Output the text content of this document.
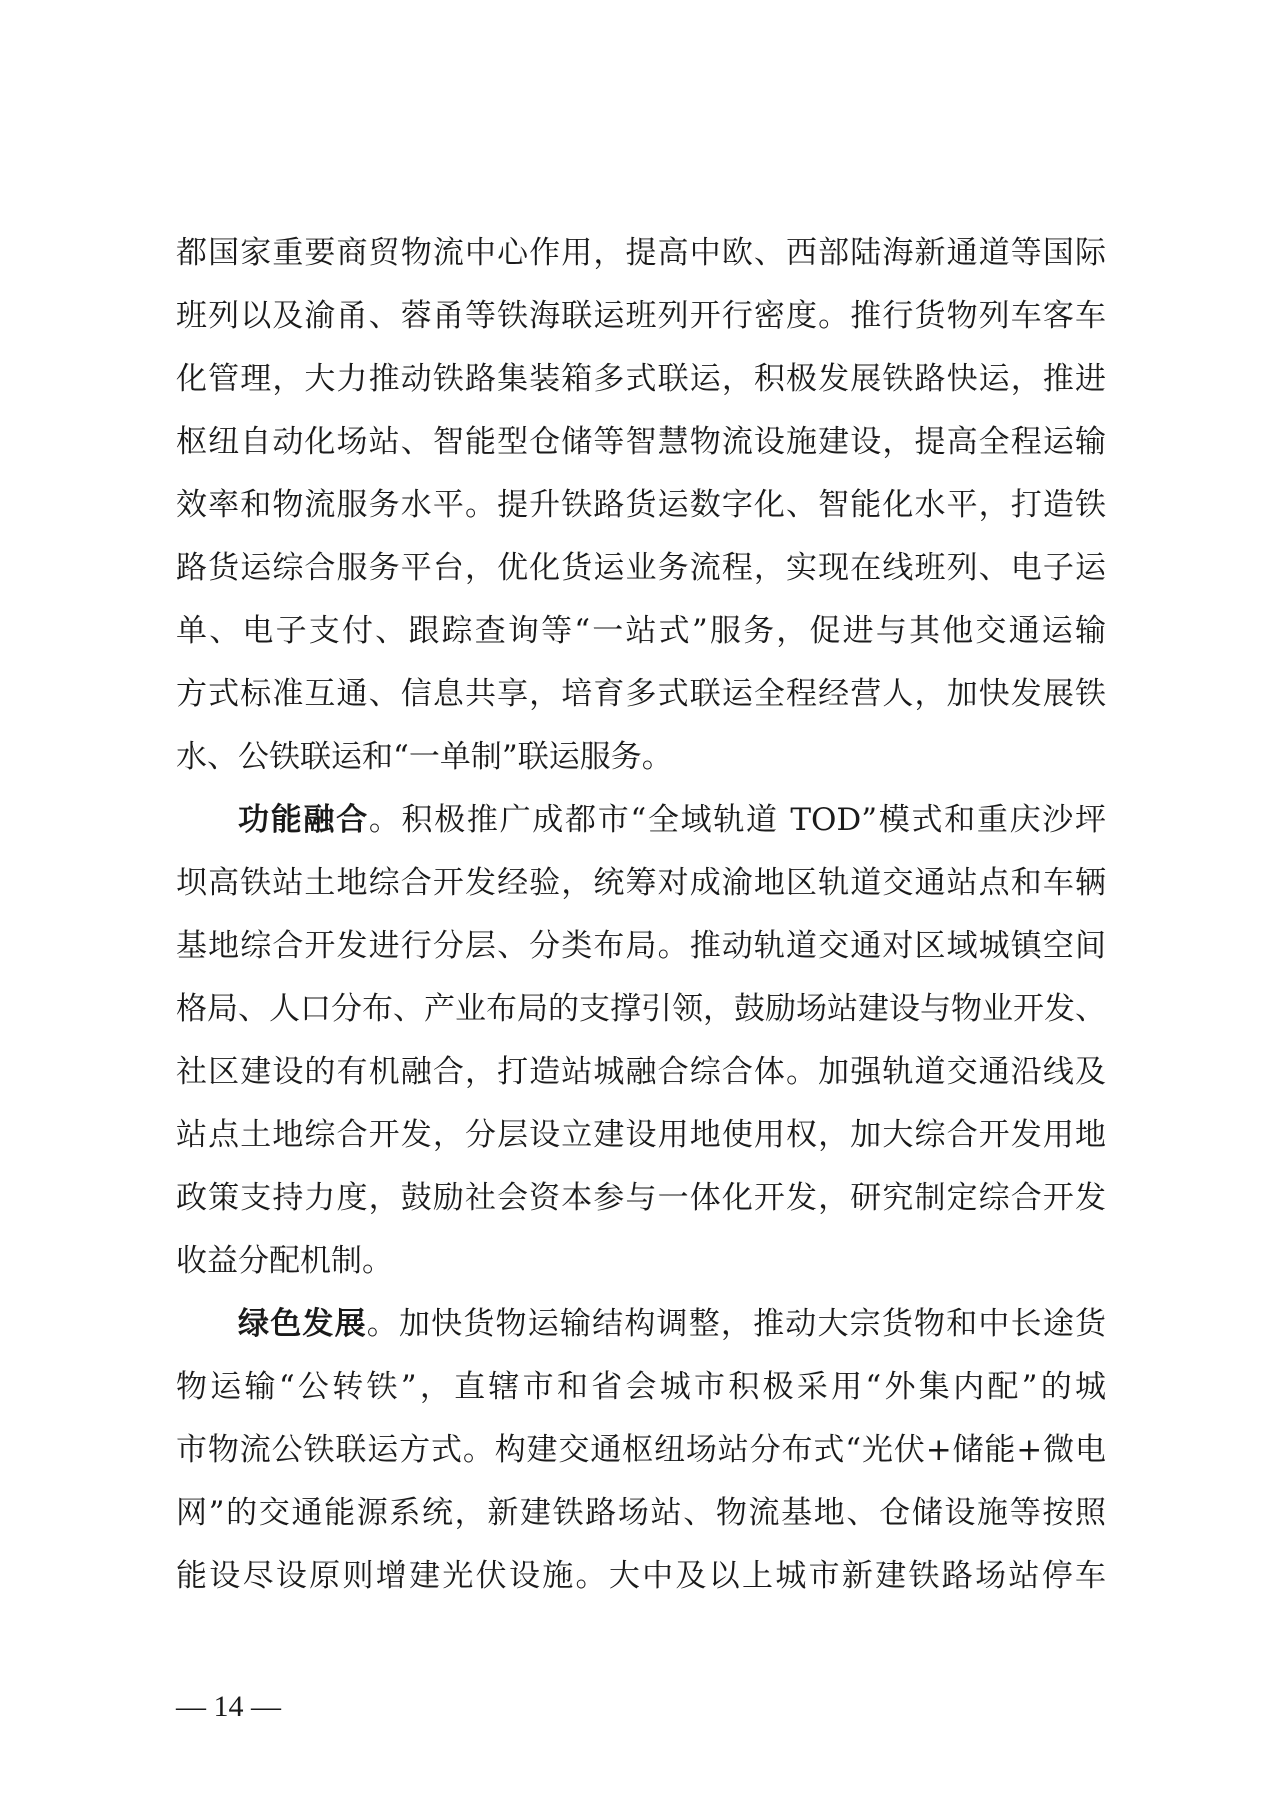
都国家重要商贸物流中心作用，提高中欧、西部陆海新通道等国际
班列以及渝甬、蓉甬等铁海联运班列开行密度。推行货物列车客车
化管理，大力推动铁路集装箱多式联运，积极发展铁路快运，推进
枢纽自动化场站、智能型仓储等智慧物流设施建设，提高全程运输
效率和物流服务水平。提升铁路货运数字化、智能化水平，打造铁
路货运综合服务平台，优化货运业务流程，实现在线班列、电子运
单、电子支付、跟踪查询等“一站式”服务，促进与其他交通运输
方式标准互通、信息共享，培育多式联运全程经营人，加快发展铁
水、公铁联运和“一单制”联运服务。
功能融合。积极推广成都市“全域轨道 TOD”模式和重庆沙坪
坝高铁站土地综合开发经验，统筹对成渝地区轨道交通站点和车辆
基地综合开发进行分层、分类布局。推动轨道交通对区域城镇空间
格局、人口分布、产业布局的支撑引领，鼓励场站建设与物业开发、
社区建设的有机融合，打造站城融合综合体。加强轨道交通沿线及
站点土地综合开发，分层设立建设用地使用权，加大综合开发用地
政策支持力度，鼓励社会资本参与一体化开发，研究制定综合开发
收益分配机制。
绿色发展。加快货物运输结构调整，推动大宗货物和中长途货
物运输“公转铁”，直辖市和省会城市积极采用“外集内配”的城
市物流公铁联运方式。构建交通枢纽场站分布式“光伏+储能+微电
网”的交通能源系统，新建铁路场站、物流基地、仓储设施等按照
能设尽设原则增建光伏设施。大中及以上城市新建铁路场站停车
— 14 —
